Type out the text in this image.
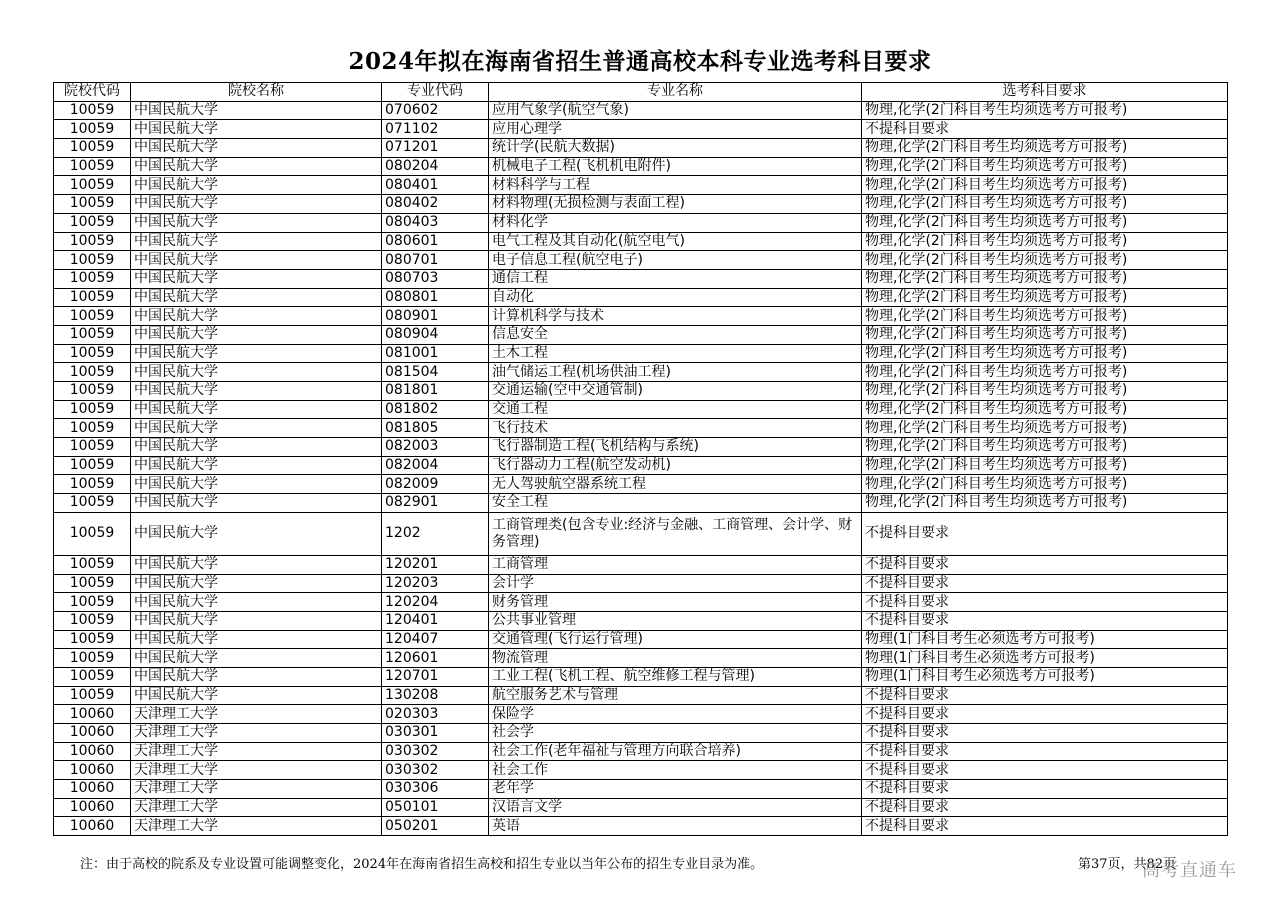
2024年拟在海南省招生普通高校本科专业选考科目要求
院校代码	院校名称	专业代码	专业名称	选考科目要求
10059	中国民航大学	070602	应用气象学(航空气象)	物理,化学(2门科目考生均须选考方可报考)
10059	中国民航大学	071102	应用心理学	不提科目要求
10059	中国民航大学	071201	统计学(民航大数据)	物理,化学(2门科目考生均须选考方可报考)
10059	中国民航大学	080204	机械电子工程(飞机机电附件)	物理,化学(2门科目考生均须选考方可报考)
10059	中国民航大学	080401	材料科学与工程	物理,化学(2门科目考生均须选考方可报考)
10059	中国民航大学	080402	材料物理(无损检测与表面工程)	物理,化学(2门科目考生均须选考方可报考)
10059	中国民航大学	080403	材料化学	物理,化学(2门科目考生均须选考方可报考)
10059	中国民航大学	080601	电气工程及其自动化(航空电气)	物理,化学(2门科目考生均须选考方可报考)
10059	中国民航大学	080701	电子信息工程(航空电子)	物理,化学(2门科目考生均须选考方可报考)
10059	中国民航大学	080703	通信工程	物理,化学(2门科目考生均须选考方可报考)
10059	中国民航大学	080801	自动化	物理,化学(2门科目考生均须选考方可报考)
10059	中国民航大学	080901	计算机科学与技术	物理,化学(2门科目考生均须选考方可报考)
10059	中国民航大学	080904	信息安全	物理,化学(2门科目考生均须选考方可报考)
10059	中国民航大学	081001	土木工程	物理,化学(2门科目考生均须选考方可报考)
10059	中国民航大学	081504	油气储运工程(机场供油工程)	物理,化学(2门科目考生均须选考方可报考)
10059	中国民航大学	081801	交通运输(空中交通管制)	物理,化学(2门科目考生均须选考方可报考)
10059	中国民航大学	081802	交通工程	物理,化学(2门科目考生均须选考方可报考)
10059	中国民航大学	081805	飞行技术	物理,化学(2门科目考生均须选考方可报考)
10059	中国民航大学	082003	飞行器制造工程(飞机结构与系统)	物理,化学(2门科目考生均须选考方可报考)
10059	中国民航大学	082004	飞行器动力工程(航空发动机)	物理,化学(2门科目考生均须选考方可报考)
10059	中国民航大学	082009	无人驾驶航空器系统工程	物理,化学(2门科目考生均须选考方可报考)
10059	中国民航大学	082901	安全工程	物理,化学(2门科目考生均须选考方可报考)
10059	中国民航大学	1202	工商管理类(包含专业:经济与金融、工商管理、会计学、财务管理)	不提科目要求
10059	中国民航大学	120201	工商管理	不提科目要求
10059	中国民航大学	120203	会计学	不提科目要求
10059	中国民航大学	120204	财务管理	不提科目要求
10059	中国民航大学	120401	公共事业管理	不提科目要求
10059	中国民航大学	120407	交通管理(飞行运行管理)	物理(1门科目考生必须选考方可报考)
10059	中国民航大学	120601	物流管理	物理(1门科目考生必须选考方可报考)
10059	中国民航大学	120701	工业工程(飞机工程、航空维修工程与管理)	物理(1门科目考生必须选考方可报考)
10059	中国民航大学	130208	航空服务艺术与管理	不提科目要求
10060	天津理工大学	020303	保险学	不提科目要求
10060	天津理工大学	030301	社会学	不提科目要求
10060	天津理工大学	030302	社会工作(老年福祉与管理方向联合培养)	不提科目要求
10060	天津理工大学	030302	社会工作	不提科目要求
10060	天津理工大学	030306	老年学	不提科目要求
10060	天津理工大学	050101	汉语言文学	不提科目要求
10060	天津理工大学	050201	英语	不提科目要求
注：由于高校的院系及专业设置可能调整变化，2024年在海南省招生高校和招生专业以当年公布的招生专业目录为准。	第37页，共82页
高考直通车
